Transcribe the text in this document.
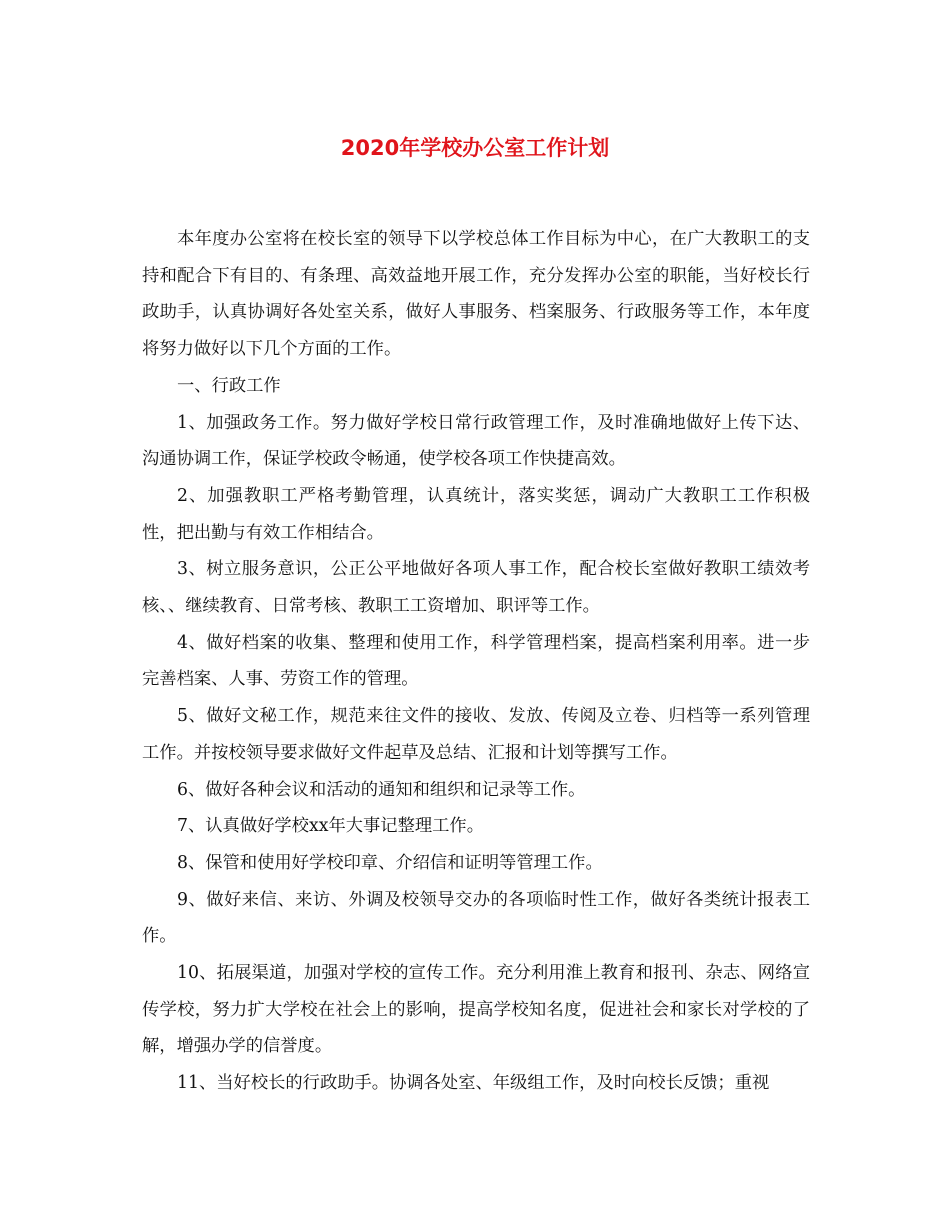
2020年学校办公室工作计划

本年度办公室将在校长室的领导下以学校总体工作目标为中心，在广大教职工的支持和配合下有目的、有条理、高效益地开展工作，充分发挥办公室的职能，当好校长行政助手，认真协调好各处室关系，做好人事服务、档案服务、行政服务等工作，本年度将努力做好以下几个方面的工作。

一、行政工作

1、加强政务工作。努力做好学校日常行政管理工作，及时准确地做好上传下达、沟通协调工作，保证学校政令畅通，使学校各项工作快捷高效。

2、加强教职工严格考勤管理，认真统计，落实奖惩，调动广大教职工工作积极性，把出勤与有效工作相结合。

3、树立服务意识，公正公平地做好各项人事工作，配合校长室做好教职工绩效考核、、继续教育、日常考核、教职工工资增加、职评等工作。

4、做好档案的收集、整理和使用工作，科学管理档案，提高档案利用率。进一步完善档案、人事、劳资工作的管理。

5、做好文秘工作，规范来往文件的接收、发放、传阅及立卷、归档等一系列管理工作。并按校领导要求做好文件起草及总结、汇报和计划等撰写工作。

6、做好各种会议和活动的通知和组织和记录等工作。

7、认真做好学校xx年大事记整理工作。

8、保管和使用好学校印章、介绍信和证明等管理工作。

9、做好来信、来访、外调及校领导交办的各项临时性工作，做好各类统计报表工作。

10、拓展渠道，加强对学校的宣传工作。充分利用淮上教育和报刊、杂志、网络宣传学校，努力扩大学校在社会上的影响，提高学校知名度，促进社会和家长对学校的了解，增强办学的信誉度。

11、当好校长的行政助手。协调各处室、年级组工作，及时向校长反馈；重视
